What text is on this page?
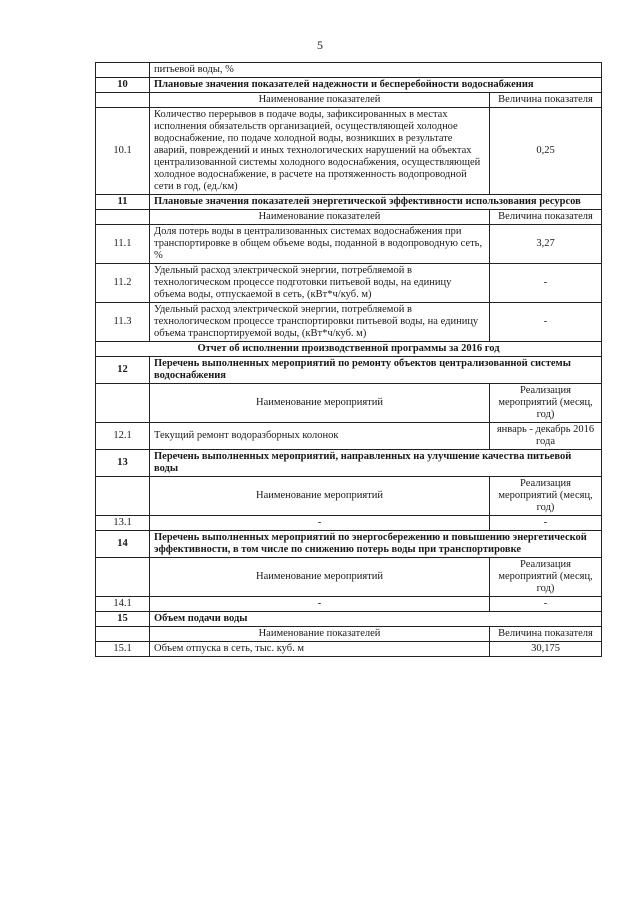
5
	питьевой воды, %	
10	Плановые значения показателей надежности и бесперебойности водоснабжения	
	Наименование показателей	Величина показателя
10.1	Количество перерывов в подаче воды, зафиксированных в местах исполнения обязательств организацией, осуществляющей холодное водоснабжение, по подаче холодной воды, возникших в результате аварий, повреждений и иных технологических нарушений на объектах централизованной системы холодного водоснабжения, осуществляющей холодное водоснабжение, в расчете на протяженность водопроводной сети в год, (ед./км)	0,25
11	Плановые значения показателей энергетической эффективности использования ресурсов	
	Наименование показателей	Величина показателя
11.1	Доля потерь воды в централизованных системах водоснабжения при транспортировке в общем объеме воды, поданной в водопроводную сеть, %	3,27
11.2	Удельный расход электрической энергии, потребляемой в технологическом процессе подготовки питьевой воды, на единицу объема воды, отпускаемой в сеть, (кВт*ч/куб. м)	-
11.3	Удельный расход электрической энергии, потребляемой в технологическом процессе транспортировки питьевой воды, на единицу объема транспортируемой воды, (кВт*ч/куб. м)	-
Отчет об исполнении производственной программы за 2016 год		
12	Перечень выполненных мероприятий по ремонту объектов централизованной системы водоснабжения	
	Наименование мероприятий	Реализация мероприятий (месяц, год)
12.1	Текущий ремонт водоразборных колонок	январь - декабрь 2016 года
13	Перечень выполненных мероприятий, направленных на улучшение качества питьевой воды	
	Наименование мероприятий	Реализация мероприятий (месяц, год)
13.1	-	-
14	Перечень выполненных мероприятий по энергосбережению и повышению энергетической эффективности, в том числе по снижению потерь воды при транспортировке	
	Наименование мероприятий	Реализация мероприятий (месяц, год)
14.1	-	-
15	Объем подачи воды	
	Наименование показателей	Величина показателя
15.1	Объем отпуска в сеть, тыс. куб. м	30,175
